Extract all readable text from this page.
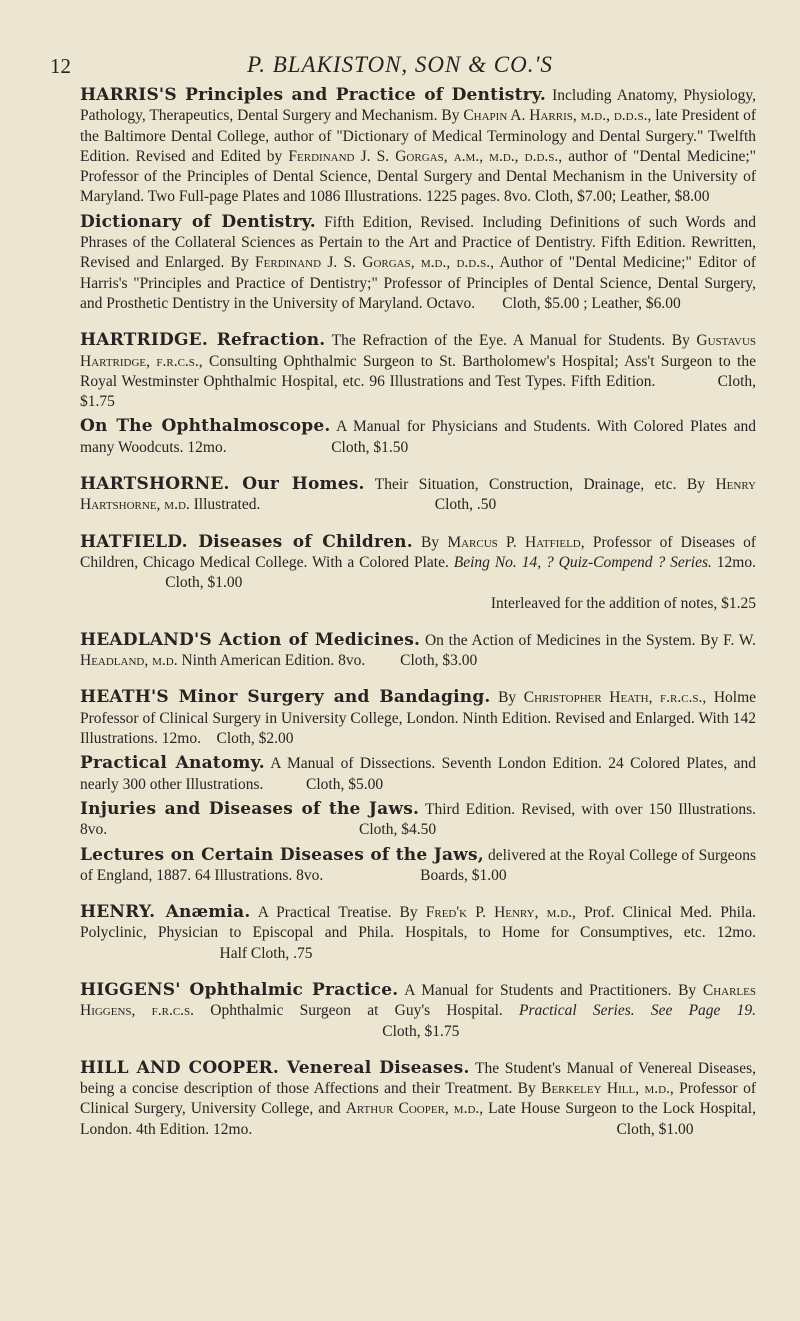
12	P. BLAKISTON, SON & CO.'S

HARRIS'S Principles and Practice of Dentistry. Including Anatomy, Physiology, Pathology, Therapeutics, Dental Surgery and Mechanism. By Chapin A. Harris, m.d., d.d.s., late President of the Baltimore Dental College, author of "Dictionary of Medical Terminology and Dental Surgery." Twelfth Edition. Revised and Edited by Ferdinand J. S. Gorgas, a.m., m.d., d.d.s., author of "Dental Medicine;" Professor of the Principles of Dental Science, Dental Surgery and Dental Mechanism in the University of Maryland. Two Full-page Plates and 1086 Illustrations. 1225 pages. 8vo. Cloth, $7.00; Leather, $8.00

Dictionary of Dentistry. Fifth Edition, Revised. Including Definitions of such Words and Phrases of the Collateral Sciences as Pertain to the Art and Practice of Dentistry. Fifth Edition. Rewritten, Revised and Enlarged. By Ferdinand J. S. Gorgas, m.d., d.d.s., Author of "Dental Medicine;" Editor of Harris's "Principles and Practice of Dentistry;" Professor of Principles of Dental Science, Dental Surgery, and Prosthetic Dentistry in the University of Maryland. Octavo. Cloth, $5.00 ; Leather, $6.00

HARTRIDGE. Refraction. The Refraction of the Eye. A Manual for Students. By Gustavus Hartridge, f.r.c.s., Consulting Ophthalmic Surgeon to St. Bartholomew's Hospital; Ass't Surgeon to the Royal Westminster Ophthalmic Hospital, etc. 96 Illustrations and Test Types. Fifth Edition.	Cloth, $1.75

On The Ophthalmoscope. A Manual for Physicians and Students. With Colored Plates and many Woodcuts. 12mo.	Cloth, $1.50

HARTSHORNE. Our Homes. Their Situation, Construction, Drainage, etc. By Henry Hartshorne, m.d. Illustrated.	Cloth, .50

HATFIELD. Diseases of Children. By Marcus P. Hatfield, Professor of Diseases of Children, Chicago Medical College. With a Colored Plate. Being No. 14, ? Quiz-Compend ? Series. 12mo.                       Cloth, $1.00

Interleaved for the addition of notes, $1.25

HEADLAND'S Action of Medicines. On the Action of Medicines in the System. By F. W. Headland, m.d. Ninth American Edition. 8vo. Cloth, $3.00

HEATH'S Minor Surgery and Bandaging. By Christopher Heath, f.r.c.s., Holme Professor of Clinical Surgery in University College, London. Ninth Edition. Revised and Enlarged. With 142 Illustrations. 12mo. Cloth, $2.00

Practical Anatomy. A Manual of Dissections. Seventh London Edition. 24 Colored Plates, and nearly 300 other Illustrations.	Cloth, $5.00

Injuries and Diseases of the Jaws. Third Edition. Revised, with over 150 Illustrations. 8vo.	Cloth, $4.50

Lectures on Certain Diseases of the Jaws, delivered at the Royal College of Surgeons of England, 1887. 64 Illustrations. 8vo.	Boards, $1.00

HENRY. Anæmia. A Practical Treatise. By Fred'k P. Henry, m.d., Prof. Clinical Med. Phila. Polyclinic, Physician to Episcopal and Phila. Hospitals, to Home for Consumptives, etc. 12mo.                                     Half Cloth, .75

HIGGENS' Ophthalmic Practice. A Manual for Students and Practitioners. By Charles Higgens, f.r.c.s. Ophthalmic Surgeon at Guy's Hospital. Practical Series. See Page 19.                                                                               Cloth, $1.75

HILL AND COOPER. Venereal Diseases. The Student's Manual of Venereal Diseases, being a concise description of those Affections and their Treatment. By Berkeley Hill, m.d., Professor of Clinical Surgery, University College, and Arthur Cooper, m.d., Late House Surgeon to the Lock Hospital, London. 4th Edition. 12mo.	Cloth, $1.00
